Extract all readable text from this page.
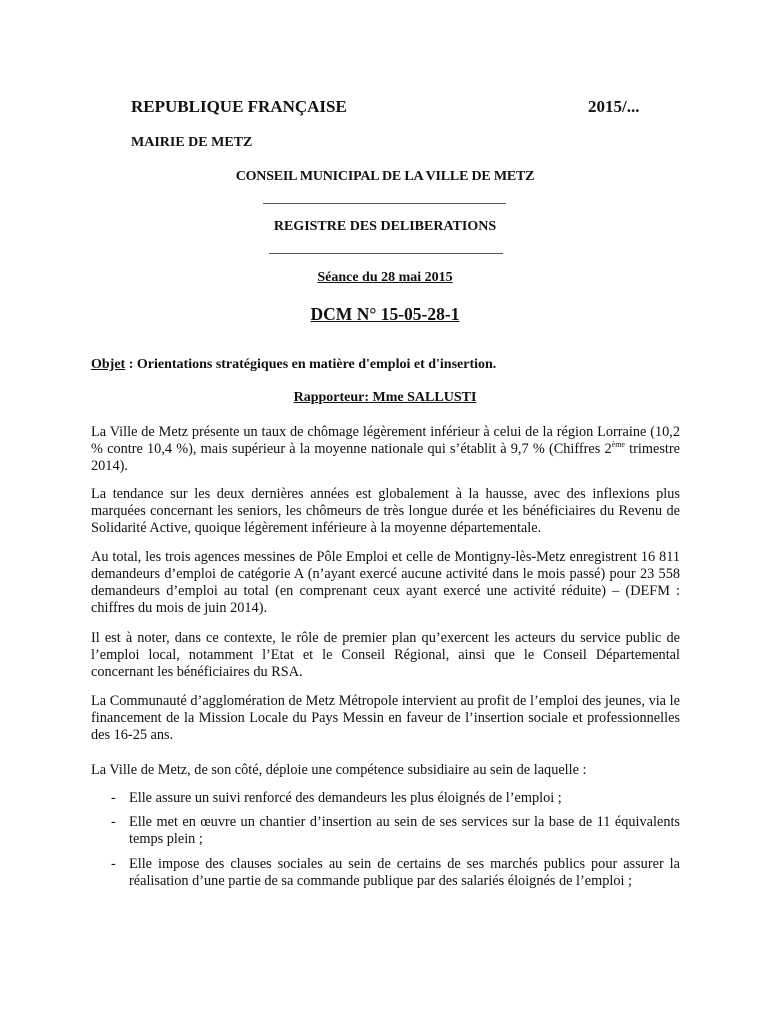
REPUBLIQUE FRANÇAISE	2015/...
MAIRIE DE METZ
CONSEIL MUNICIPAL DE LA VILLE DE METZ
REGISTRE DES DELIBERATIONS
Séance du 28 mai 2015
DCM N° 15-05-28-1
Objet : Orientations stratégiques en matière d'emploi et d'insertion.
Rapporteur: Mme SALLUSTI

La Ville de Metz présente un taux de chômage légèrement inférieur à celui de la région Lorraine (10,2 % contre 10,4 %), mais supérieur à la moyenne nationale qui s’établit à 9,7 % (Chiffres 2ème trimestre 2014).

La tendance sur les deux dernières années est globalement à la hausse, avec des inflexions plus marquées concernant les seniors, les chômeurs de très longue durée et les bénéficiaires du Revenu de Solidarité Active, quoique légèrement inférieure à la moyenne départementale.

Au total, les trois agences messines de Pôle Emploi et celle de Montigny-lès-Metz enregistrent 16 811 demandeurs d’emploi de catégorie A (n’ayant exercé aucune activité dans le mois passé) pour 23 558 demandeurs d’emploi au total (en comprenant ceux ayant exercé une activité réduite) – (DEFM : chiffres du mois de juin 2014).

Il est à noter, dans ce contexte, le rôle de premier plan qu’exercent les acteurs du service public de l’emploi local, notamment l’Etat et le Conseil Régional, ainsi que le Conseil Départemental concernant les bénéficiaires du RSA.

La Communauté d’agglomération de Metz Métropole intervient au profit de l’emploi des jeunes, via le financement de la Mission Locale du Pays Messin en faveur de l’insertion sociale et professionnelles des 16-25 ans.

La Ville de Metz, de son côté, déploie une compétence subsidiaire au sein de laquelle :

- Elle assure un suivi renforcé des demandeurs les plus éloignés de l’emploi ;
- Elle met en œuvre un chantier d’insertion au sein de ses services sur la base de 11 équivalents temps plein ;
- Elle impose des clauses sociales au sein de certains de ses marchés publics pour assurer la réalisation d’une partie de sa commande publique par des salariés éloignés de l’emploi ;
